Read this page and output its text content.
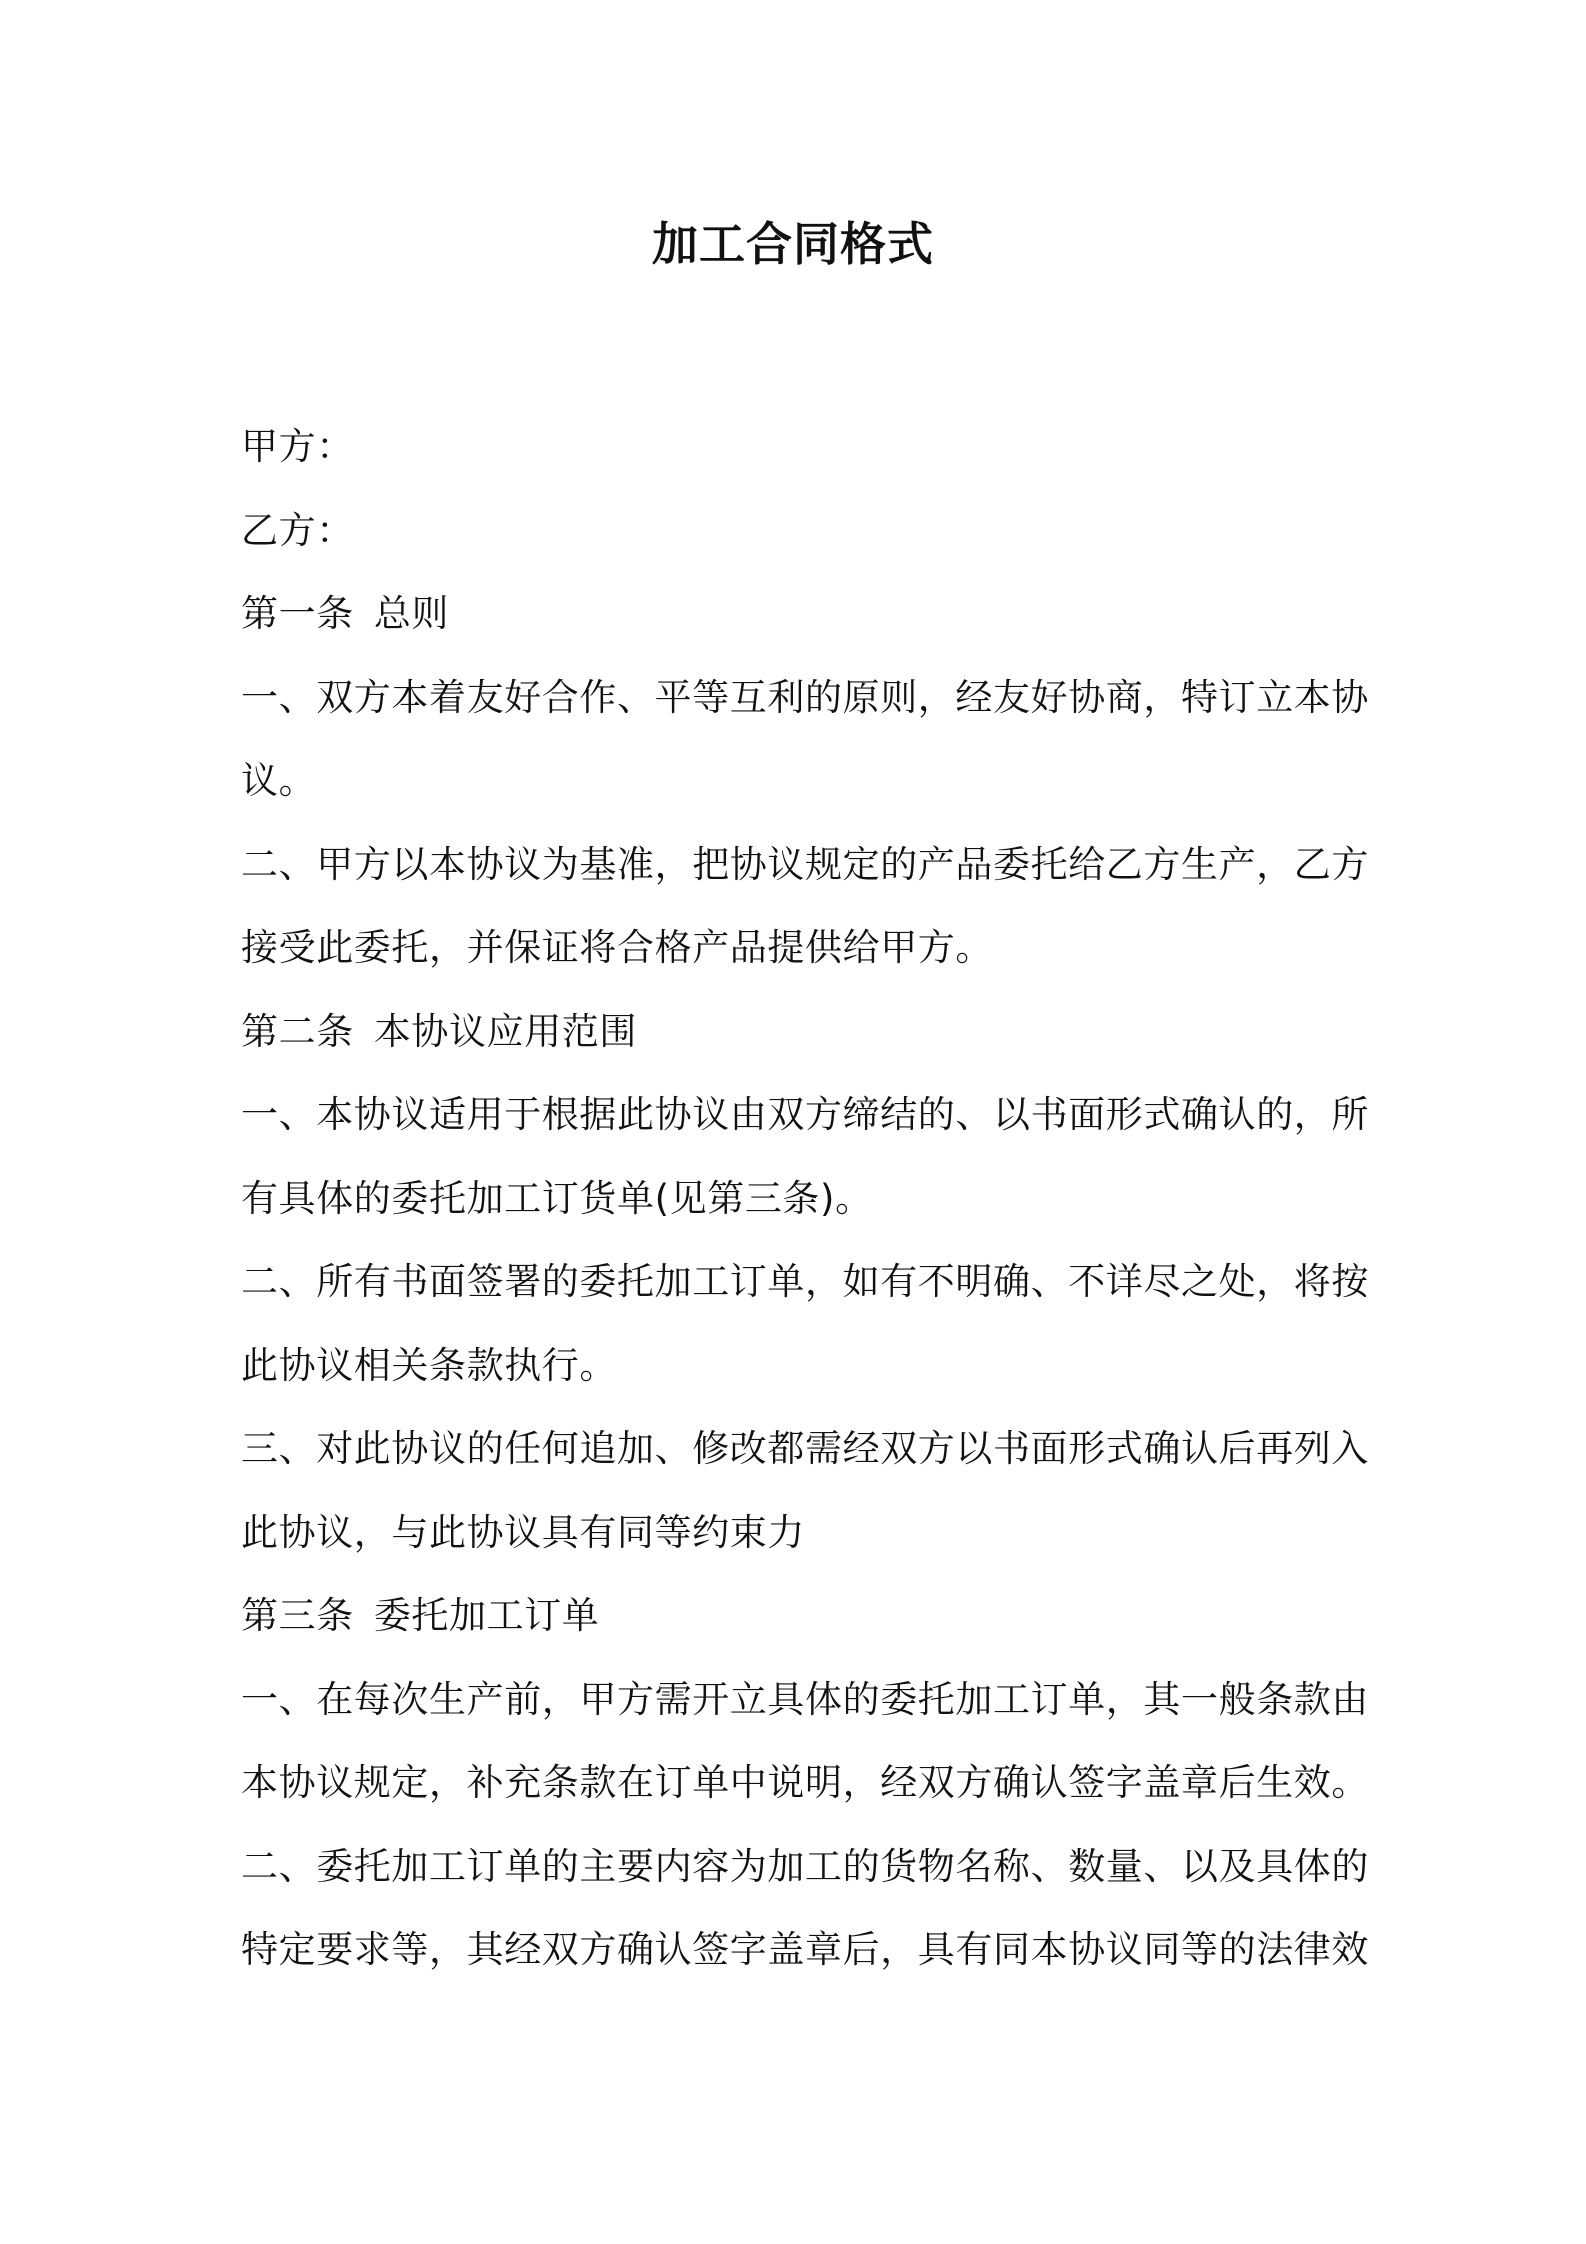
加工合同格式
甲方：
乙方：
第一条 总则
一、双方本着友好合作、平等互利的原则，经友好协商，特订立本协
议。
二、甲方以本协议为基准，把协议规定的产品委托给乙方生产，乙方
接受此委托，并保证将合格产品提供给甲方。
第二条 本协议应用范围
一、本协议适用于根据此协议由双方缔结的、以书面形式确认的，所
有具体的委托加工订货单(见第三条)。
二、所有书面签署的委托加工订单，如有不明确、不详尽之处，将按
此协议相关条款执行。
三、对此协议的任何追加、修改都需经双方以书面形式确认后再列入
此协议，与此协议具有同等约束力
第三条 委托加工订单
一、在每次生产前，甲方需开立具体的委托加工订单，其一般条款由
本协议规定，补充条款在订单中说明，经双方确认签字盖章后生效。
二、委托加工订单的主要内容为加工的货物名称、数量、以及具体的
特定要求等，其经双方确认签字盖章后，具有同本协议同等的法律效
